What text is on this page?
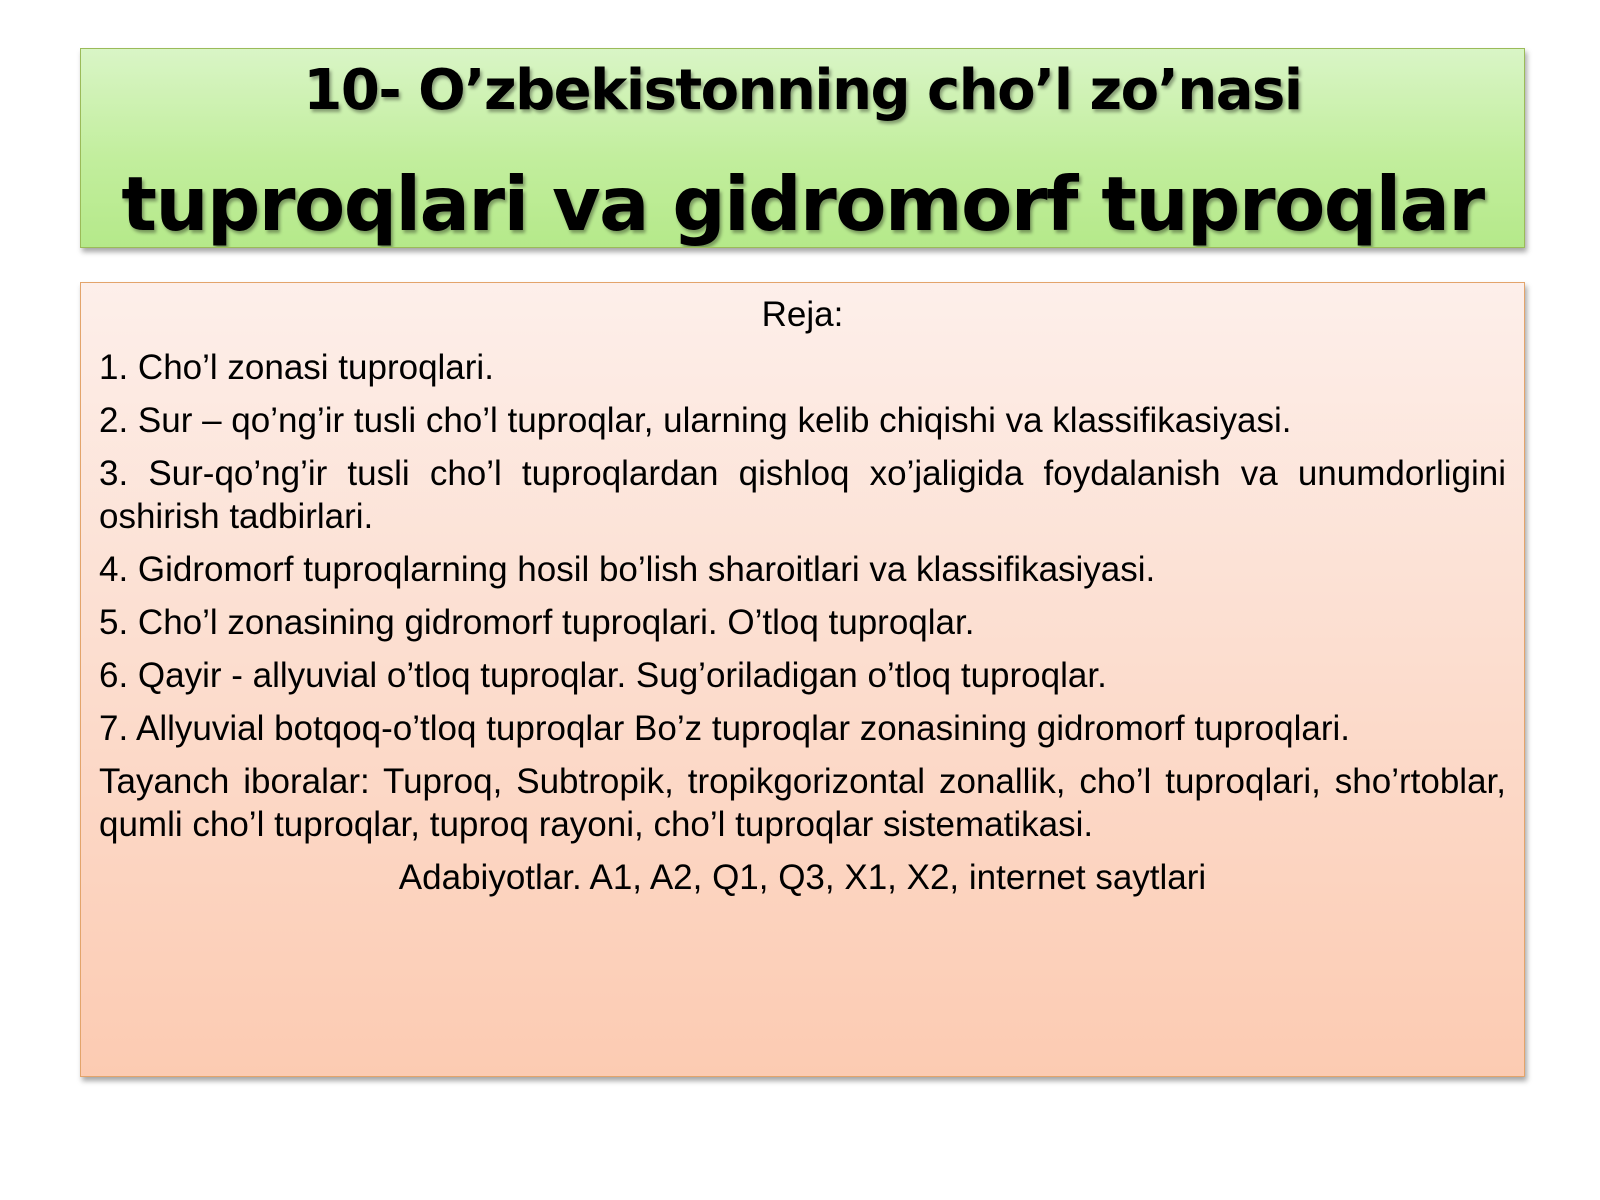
10- O’zbekistonning cho’l zo’nasi
tuproqlari va gidromorf tuproqlar

Reja:

1. Cho’l zonasi tuproqlari.

2. Sur – qo’ng’ir tusli cho’l tuproqlar, ularning kelib chiqishi va klassifikasiyasi.

3. Sur-qo’ng’ir tusli cho’l tuproqlardan qishloq xo’jaligida foydalanish va unumdorligini oshirish tadbirlari.

4. Gidromorf tuproqlarning hosil bo’lish sharoitlari va klassifikasiyasi.

5. Cho’l zonasining gidromorf tuproqlari. O’tloq tuproqlar.

6. Qayir - allyuvial o’tloq tuproqlar. Sug’oriladigan o’tloq tuproqlar.

7. Allyuvial botqoq-o’tloq tuproqlar Bo’z tuproqlar zonasining gidromorf tuproqlari.

Tayanch iboralar: Tuproq, Subtropik, tropikgorizontal zonallik, cho’l tuproqlari, sho’rtoblar, qumli cho’l tuproqlar, tuproq rayoni, cho’l tuproqlar sistematikasi.

Adabiyotlar. A1, A2, Q1, Q3, X1, X2, internet saytlari
